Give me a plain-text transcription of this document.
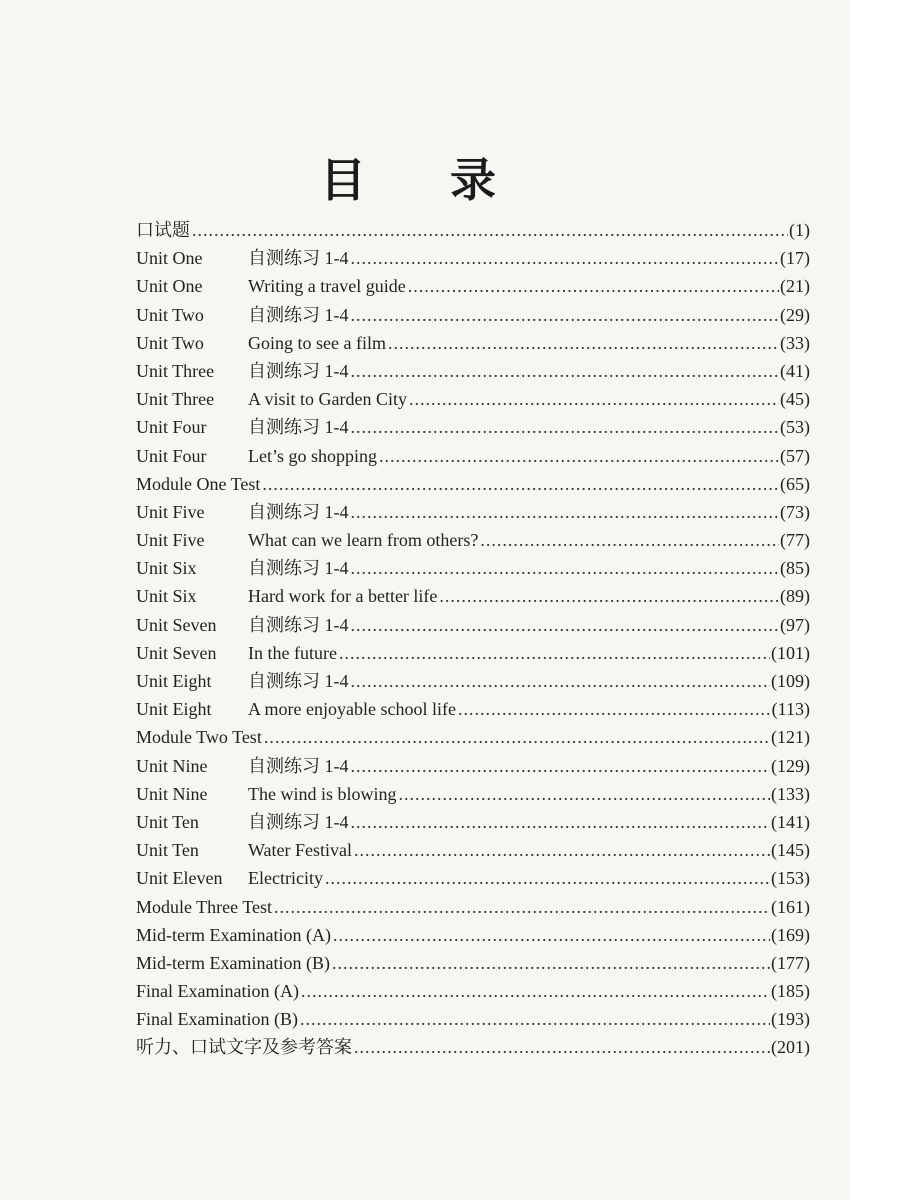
目 录
口试题 .....	(1)
Unit One	自测练习 1-4 .....	(17)
Unit One	Writing a travel guide .....	(21)
Unit Two 自测练习 1-4 .....	(29)
Unit Two Going to see a film .....	(33)
Unit Three 自测练习 1-4 .....	(41)
Unit Three A visit to Garden City .....	(45)
Unit Four 自测练习 1-4 .....	(53)
Unit Four Let’s go shopping .....	(57)
Module One Test .....	(65)
Unit Five 自测练习 1-4 .....	(73)
Unit Five What can we learn from others? .....	(77)
Unit Six	自测练习 1-4 .....	(85)
Unit Six	Hard work for a better life .....	(89)
Unit Seven 自测练习 1-4 .....	(97)
Unit Seven In the future .....	(101)
Unit Eight 自测练习 1-4 .....	(109)
Unit Eight A more enjoyable school life .....	(113)
Module Two Test .....	(121)
Unit Nine 自测练习 1-4 .....	(129)
Unit Nine The wind is blowing .....	(133)
Unit Ten	自测练习 1-4 .....	(141)
Unit Ten	Water Festival .....	(145)
Unit Eleven Electricity .....	(153)
Module Three Test .....	(161)
Mid-term Examination (A) .....	(169)
Mid-term Examination (B) .....	(177)
Final Examination (A) .....	(185)
Final Examination (B) .....	(193)
听力、口试文字及参考答案 .....	(201)
